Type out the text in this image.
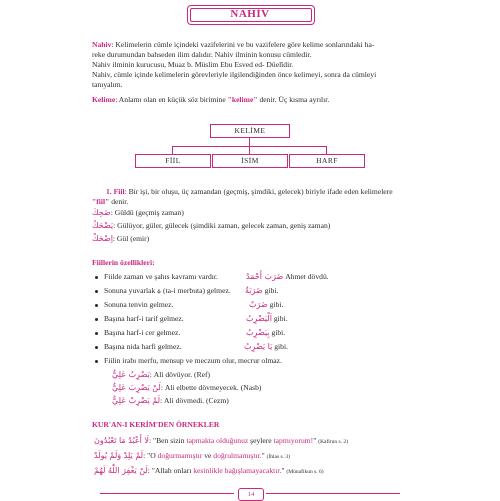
NAHİV
Nahiv: Kelimelerin cümle içindeki vazifelerini ve bu vazifelere göre kelime sonlarındaki ha-
reke durumundan bahseden ilim dalıdır. Nahiv ilminin konusu cümledir.
Nahiv ilminin kurucusu, Muaz b. Müslim Ebu Esved ed- Düelîdir.
Nahiv, cümle içinde kelimelerin görevleriyle ilgilendiğinden önce kelimeyi, sonra da cümleyi
tanıyalım.
Kelime: Anlamı olan en küçük söz birimine "kelime" denir. Üç kısma ayrılır.
KELİME
FİİL	İSİM	HARF
1. Fiil: Bir işi, bir oluşu, üç zamandan (geçmiş, şimdiki, gelecek) biriyle ifade eden kelimelere
"fiil" denir.
ضَحِكَ: Güldü (geçmiş zaman)
يَضْحَكُ: Gülüyor, güler, gülecek (şimdiki zaman, gelecek zaman, geniş zaman)
اِضْحَكْ: Gül (emir)
Fiillerin özellikleri:
Fiilde zaman ve şahıs kavramı vardır.	ضَرَبَ أَحْمَدُ Ahmet dövdü.
Sonuna yuvarlak ة (ta-i merbuta) gelmez. ضَرَبَةٌ gibi.
Sonuna tenvin gelmez.	ضَرَبٌ gibi.
Başına harf-i tarif gelmez.	اَلْيَضْرِبُ gibi.
Başına harf-i cer gelmez.	بِيَضْرِبُ gibi.
Başına nida harfi gelmez.	يَا يَضْرِبُ gibi.
Fiilin irabı merfu, mensup ve meczum olur, mecrur olmaz.
يَضْرِبُ عَلِيٌّ: Ali dövüyor. (Ref)
لَنْ يَضْرِبَ عَلِيٌّ: Ali elbette dövmeyecek. (Nasb)
لَمْ يَضْرِبْ عَلِيٌّ: Ali dövmedi. (Cezm)
KUR'AN-I KERİM'DEN ÖRNEKLER
لَا أَعْبُدُ مَا تَعْبُدُونَ: "Ben sizin tapmakta olduğunuz şeylere tapmıyorum!" (Kafirun s. 2)
لَمْ يَلِدْ وَلَمْ يُولَدْ: "O doğurmamıştır ve doğrulmamıştır." (İhlas s. 3)
لَنْ يَغْفِرَ اللّٰهُ لَهُمْ: "Allah onları kesinlikle bağışlamayacaktır." (Münafikun s. 6)
14
